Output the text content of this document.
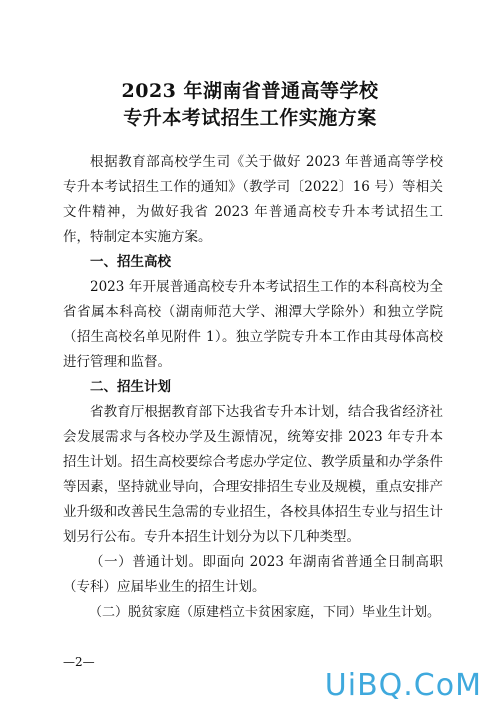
2023 年湖南省普通高等学校
专升本考试招生工作实施方案

根据教育部高校学生司《关于做好 2023 年普通高等学校专升本考试招生工作的通知》（教学司〔2022〕16 号）等相关文件精神，为做好我省 2023 年普通高校专升本考试招生工作，特制定本实施方案。

一、招生高校

2023 年开展普通高校专升本考试招生工作的本科高校为全省省属本科高校（湖南师范大学、湘潭大学除外）和独立学院（招生高校名单见附件 1）。独立学院专升本工作由其母体高校进行管理和监督。

二、招生计划

省教育厅根据教育部下达我省专升本计划，结合我省经济社会发展需求与各校办学及生源情况，统筹安排 2023 年专升本招生计划。招生高校要综合考虑办学定位、教学质量和办学条件等因素，坚持就业导向，合理安排招生专业及规模，重点安排产业升级和改善民生急需的专业招生，各校具体招生专业与招生计划另行公布。专升本招生计划分为以下几种类型。

（一）普通计划。即面向 2023 年湖南省普通全日制高职（专科）应届毕业生的招生计划。

（二）脱贫家庭（原建档立卡贫困家庭，下同）毕业生计划。

—2—
UiBQ.CoM
